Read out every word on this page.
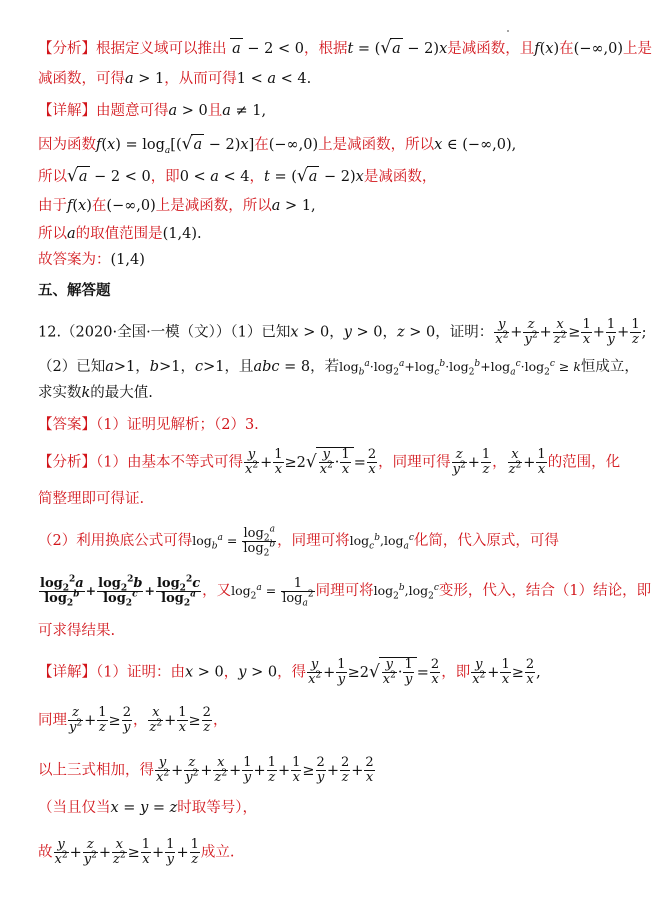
【分析】根据定义域可以推出 a − 2 < 0，根据t = (√a − 2)x是减函数，且f(x)在(−∞,0)上是
减函数，可得a > 1，从而可得1 < a < 4.
【详解】由题意可得a > 0且a ≠ 1,
因为函数$f(x) = \log_a[(√a - 2)x]$在(−∞,0)上是减函数，所以x ∈ (−∞,0),
所以√a − 2 < 0，即0 < a < 4，t = (√a − 2)x是减函数，
由于f(x)在(−∞,0)上是减函数，所以a > 1,
所以a的取值范围是(1,4).
故答案为：(1,4)
五、解答题
12.（2020·全国·一模（文））（1）已知x > 0，y > 0，z > 0，证明： $\frac{y}{x^2} + \frac{z}{y^2} + \frac{x}{z^2} \ge \frac{1}{x} + \frac{1}{y} + \frac{1}{z}$ ;
（2）已知a>1，b>1，c>1，且abc = 8，若$\log_b^a\cdot\log_2^a+\log_c^b\cdot\log_2^b+\log_a^c\cdot\log_2^c \ge k$恒成立，
求实数k的最大值.
【答案】（1）证明见解析；（2）3.
【分析】（1）由基本不等式可得 $\frac{y}{x^2} + \frac{1}{x} \ge 2√ \frac{y}{x^2} \cdot \frac{1}{x} = \frac{2}{x}$ ，同理可得 $\frac{z}{y^2} + \frac{1}{z}$ ， $\frac{x}{z^2} + \frac{1}{x}$ 的范围，化
简整理即可得证.
（2）利用换底公式可得$\log_b^a = \frac{\log_2^a}{\log_2^b}$ ，同理可将$\log_c^b,\log_a^c$化简，代入原式，可得
$\frac{\log_2^2a}{\log_2^b} + \frac{\log_2^2b}{\log_2^c} + \frac{\log_2^2c}{\log_2^a}$ ，又$\log_2^a = \frac{1}{\log_a^2}$ 同理可将$\log_2^b,\log_2^c$变形，代入，结合（1）结论，即
可求得结果.
【详解】（1）证明：由x > 0，y > 0，得 $\frac{y}{x^2} + \frac{1}{y} \ge 2√ \frac{y}{x^2} \cdot \frac{1}{y} = \frac{2}{x}$ ，即 $\frac{y}{x^2} + \frac{1}{x} \ge \frac{2}{x}$ ,
同理 $\frac{z}{y^2} + \frac{1}{z} \ge \frac{2}{y}$ ， $\frac{x}{z^2} + \frac{1}{x} \ge \frac{2}{z}$ ，
以上三式相加，得 $\frac{y}{x^2} + \frac{z}{y^2} + \frac{x}{z^2} + \frac{1}{y} + \frac{1}{z} + \frac{1}{x} \ge \frac{2}{y} + \frac{2}{z} + \frac{2}{x}$
（当且仅当x = y = z时取等号），
故 $\frac{y}{x^2} + \frac{z}{y^2} + \frac{x}{z^2} \ge \frac{1}{x} + \frac{1}{y} + \frac{1}{z}$ 成立.
